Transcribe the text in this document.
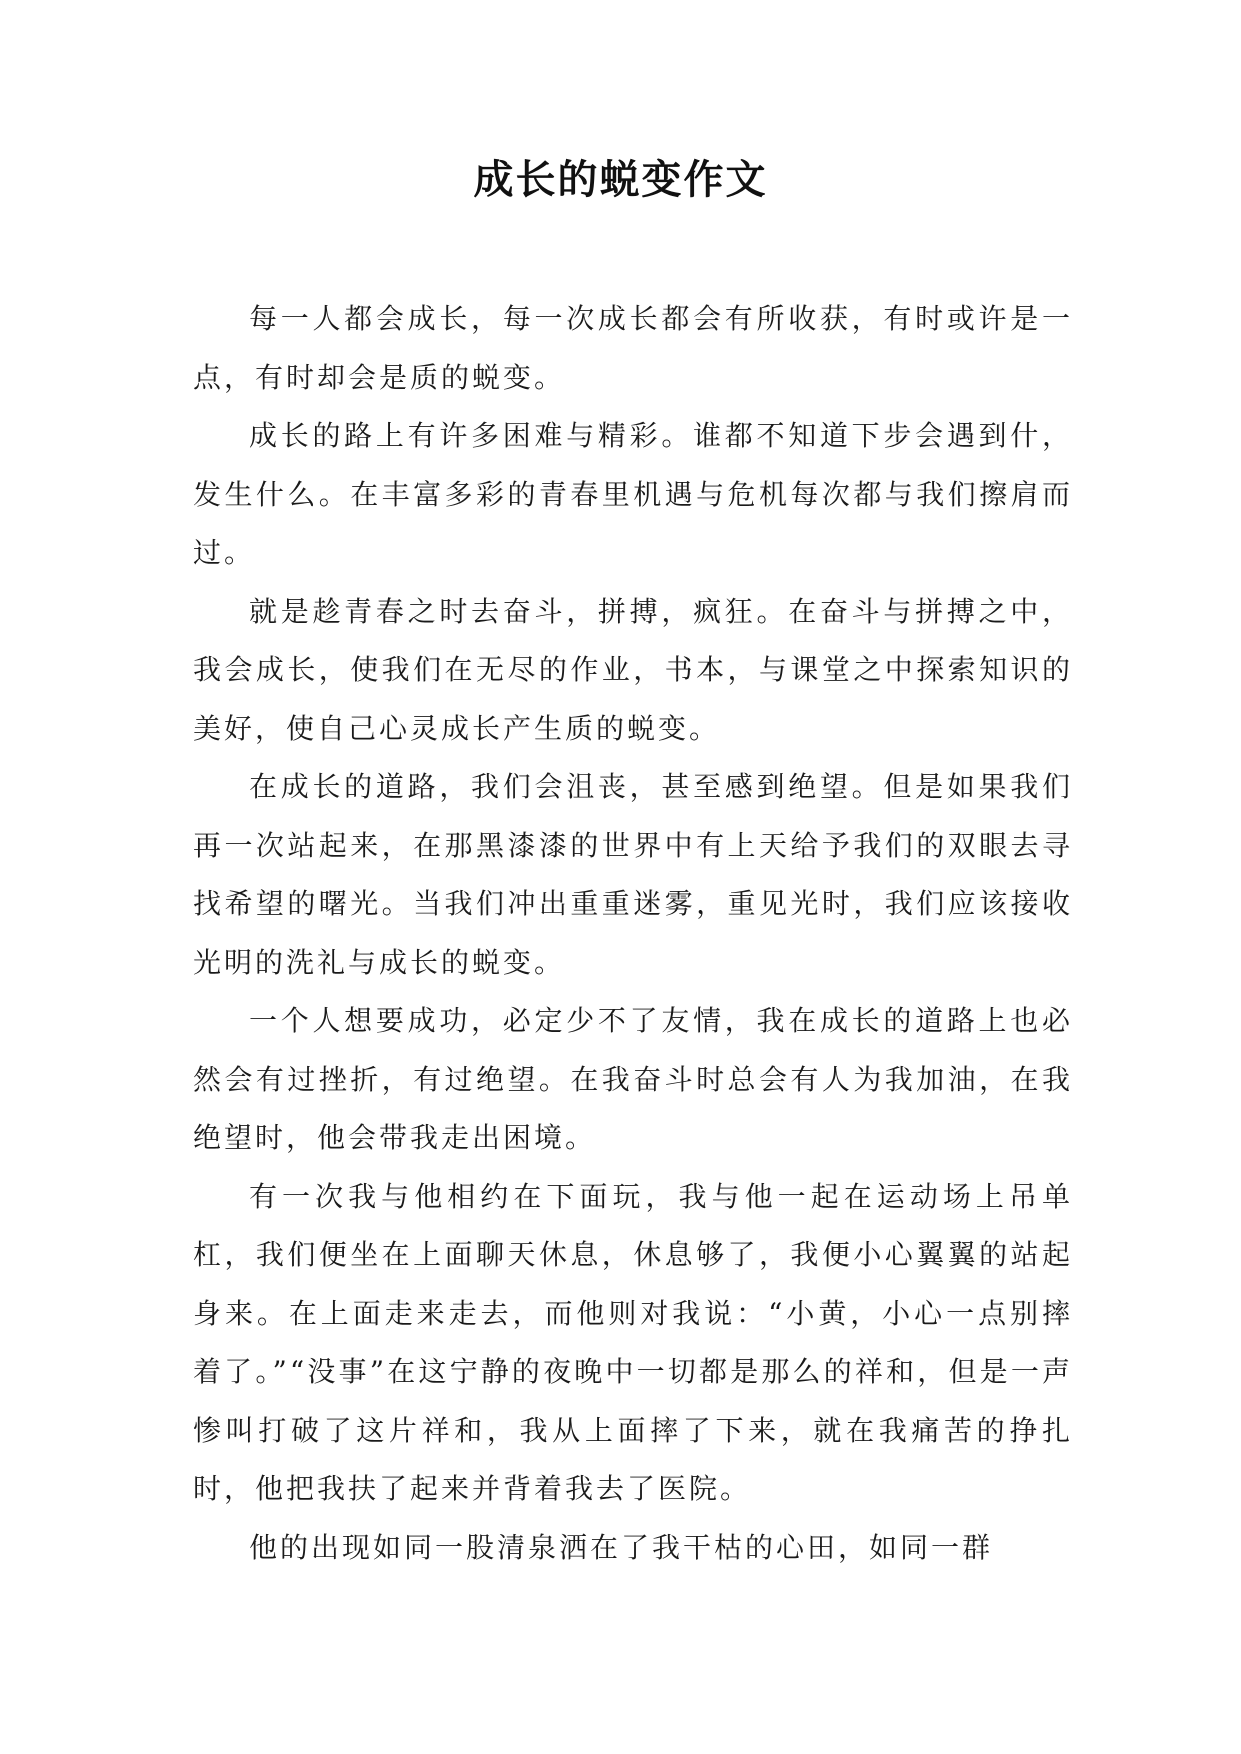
成长的蜕变作文

每一人都会成长，每一次成长都会有所收获，有时或许是一点，有时却会是质的蜕变。

成长的路上有许多困难与精彩。谁都不知道下步会遇到什，发生什么。在丰富多彩的青春里机遇与危机每次都与我们擦肩而过。

就是趁青春之时去奋斗，拼搏，疯狂。在奋斗与拼搏之中，我会成长，使我们在无尽的作业，书本，与课堂之中探索知识的美好，使自己心灵成长产生质的蜕变。

在成长的道路，我们会沮丧，甚至感到绝望。但是如果我们再一次站起来，在那黑漆漆的世界中有上天给予我们的双眼去寻找希望的曙光。当我们冲出重重迷雾，重见光时，我们应该接收光明的洗礼与成长的蜕变。

一个人想要成功，必定少不了友情，我在成长的道路上也必然会有过挫折，有过绝望。在我奋斗时总会有人为我加油，在我绝望时，他会带我走出困境。

有一次我与他相约在下面玩，我与他一起在运动场上吊单杠，我们便坐在上面聊天休息，休息够了，我便小心翼翼的站起身来。在上面走来走去，而他则对我说：“小黄，小心一点别摔着了。”“没事”在这宁静的夜晚中一切都是那么的祥和，但是一声惨叫打破了这片祥和，我从上面摔了下来，就在我痛苦的挣扎时，他把我扶了起来并背着我去了医院。

他的出现如同一股清泉洒在了我干枯的心田，如同一群
